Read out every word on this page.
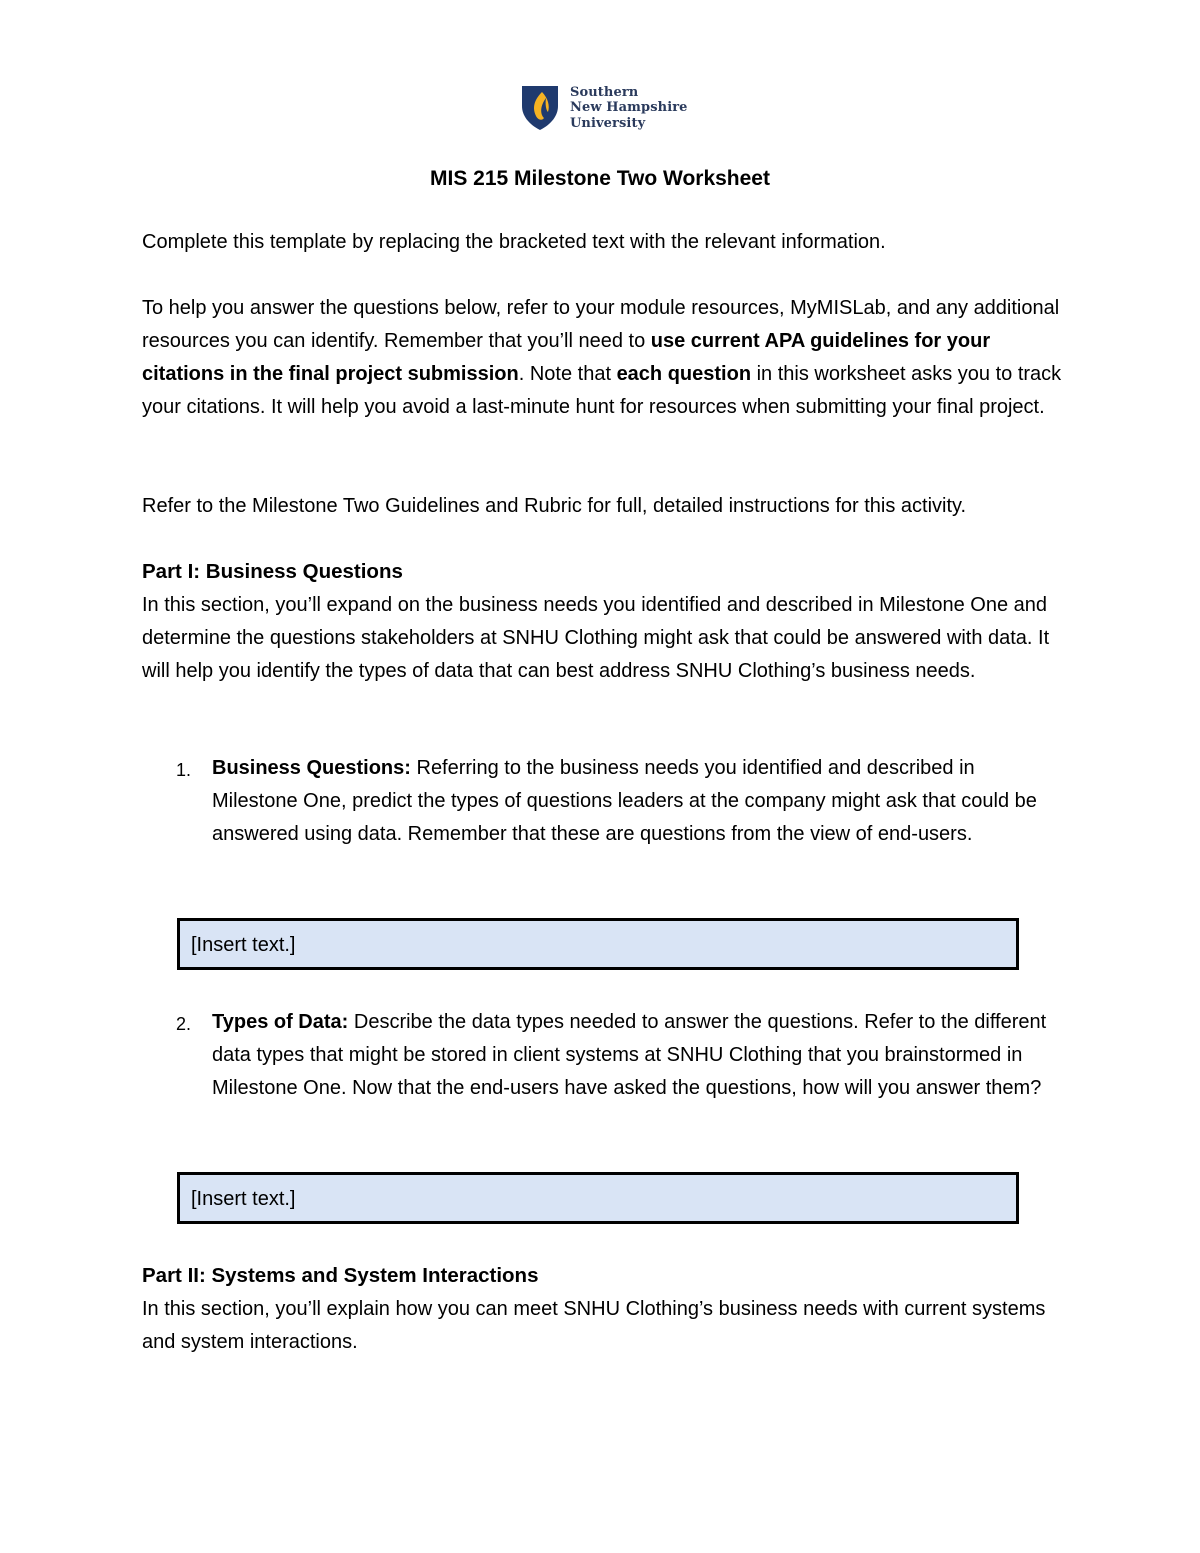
Southern
New Hampshire
University
MIS 215 Milestone Two Worksheet
Complete this template by replacing the bracketed text with the relevant information.
To help you answer the questions below, refer to your module resources, MyMISLab, and any additional resources you can identify. Remember that you’ll need to use current APA guidelines for your citations in the final project submission. Note that each question in this worksheet asks you to track your citations. It will help you avoid a last-minute hunt for resources when submitting your final project.
Refer to the Milestone Two Guidelines and Rubric for full, detailed instructions for this activity.
Part I: Business Questions
In this section, you’ll expand on the business needs you identified and described in Milestone One and determine the questions stakeholders at SNHU Clothing might ask that could be answered with data. It will help you identify the types of data that can best address SNHU Clothing’s business needs.
1. Business Questions: Referring to the business needs you identified and described in Milestone One, predict the types of questions leaders at the company might ask that could be answered using data. Remember that these are questions from the view of end-users.
[Insert text.]
2. Types of Data: Describe the data types needed to answer the questions. Refer to the different data types that might be stored in client systems at SNHU Clothing that you brainstormed in Milestone One. Now that the end-users have asked the questions, how will you answer them?
[Insert text.]
Part II: Systems and System Interactions
In this section, you’ll explain how you can meet SNHU Clothing’s business needs with current systems and system interactions.
